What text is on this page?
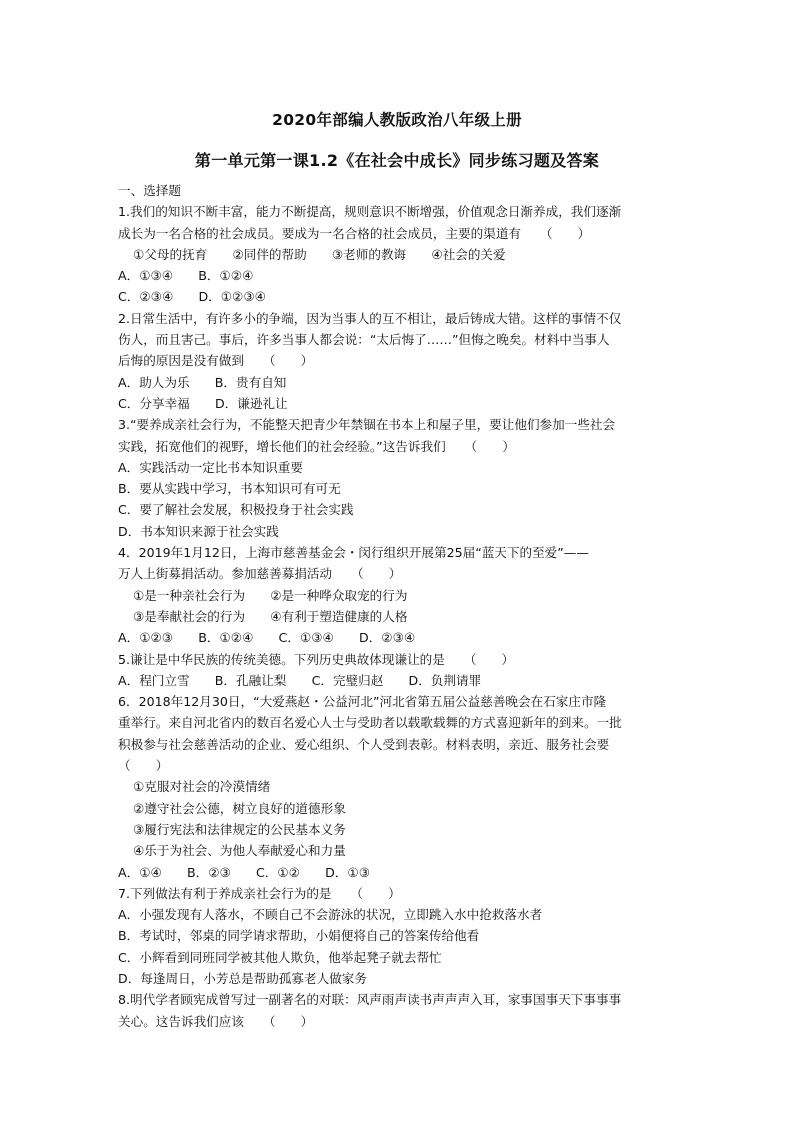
2020年部编人教版政治八年级上册
第一单元第一课1.2《在社会中成长》同步练习题及答案
一、选择题
1.我们的知识不断丰富，能力不断提高，规则意识不断增强，价值观念日渐养成，我们逐渐
成长为一名合格的社会成员。要成为一名合格的社会成员，主要的渠道有　　（　　）
①父母的抚育　　②同伴的帮助　　③老师的教诲　　④社会的关爱
A．①③④　　B．①②④
C．②③④　　D．①②③④
2.日常生活中，有许多小的争端，因为当事人的互不相让，最后铸成大错。这样的事情不仅
伤人，而且害己。事后，许多当事人都会说：“太后悔了……”但悔之晚矣。材料中当事人
后悔的原因是没有做到　　（　　）
A．助人为乐　　B．贵有自知
C．分享幸福　　D．谦逊礼让
3.“要养成亲社会行为，不能整天把青少年禁锢在书本上和屋子里，要让他们参加一些社会
实践，拓宽他们的视野，增长他们的社会经验。”这告诉我们　　（　　）
A．实践活动一定比书本知识重要
B．要从实践中学习，书本知识可有可无
C．要了解社会发展，积极投身于社会实践
D．书本知识来源于社会实践
4．2019年1月12日，上海市慈善基金会・闵行组织开展第25届“蓝天下的至爱”——
万人上街募捐活动。参加慈善募捐活动　　（　　）
①是一种亲社会行为　　②是一种哗众取宠的行为
③是奉献社会的行为　　④有利于塑造健康的人格
A．①②③　　B．①②④　　C．①③④　　D．②③④
5.谦让是中华民族的传统美德。下列历史典故体现谦让的是　　（　　）
A．程门立雪　　B．孔融让梨　　C．完璧归赵　　D．负荆请罪
6．2018年12月30日，“大爱燕赵・公益河北”河北省第五届公益慈善晚会在石家庄市隆
重举行。来自河北省内的数百名爱心人士与受助者以载歌载舞的方式喜迎新年的到来。一批
积极参与社会慈善活动的企业、爱心组织、个人受到表彰。材料表明，亲近、服务社会要
（　　）
①克服对社会的冷漠情绪
②遵守社会公德，树立良好的道德形象
③履行宪法和法律规定的公民基本义务
④乐于为社会、为他人奉献爱心和力量
A．①④　　B．②③　　C．①②　　D．①③
7.下列做法有利于养成亲社会行为的是　　（　　）
A．小强发现有人落水，不顾自己不会游泳的状况，立即跳入水中抢救落水者
B．考试时，邻桌的同学请求帮助，小娟便将自己的答案传给他看
C．小辉看到同班同学被其他人欺负，他举起凳子就去帮忙
D．每逢周日，小芳总是帮助孤寡老人做家务
8.明代学者顾宪成曾写过一副著名的对联：风声雨声读书声声声入耳，家事国事天下事事事
关心。这告诉我们应该　　（　　）
